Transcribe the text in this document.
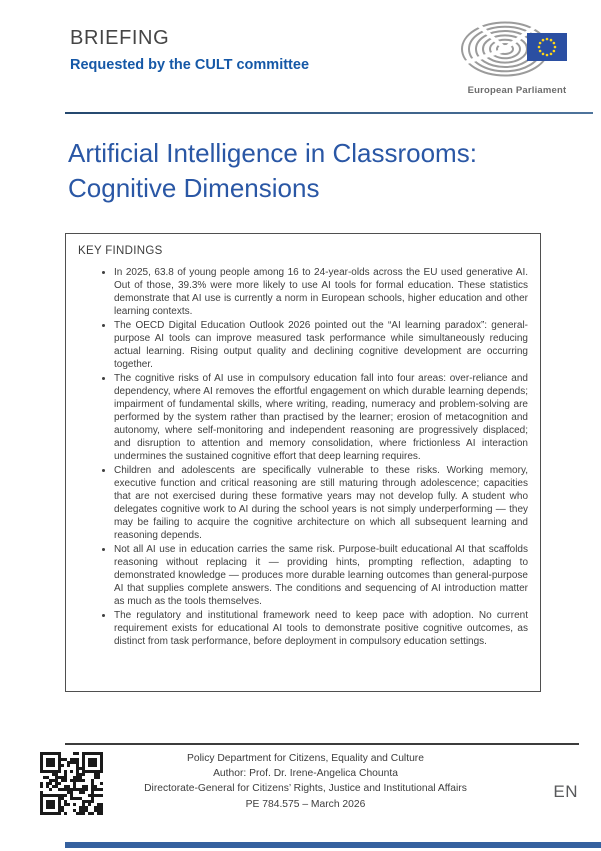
BRIEFING
Requested by the CULT committee
European Parliament
Artificial Intelligence in Classrooms:
Cognitive Dimensions
KEY FINDINGS
• In 2025, 63.8 of young people among 16 to 24-year-olds across the EU used generative AI. Out of those, 39.3% were more likely to use AI tools for formal education. These statistics demonstrate that AI use is currently a norm in European schools, higher education and other learning contexts.
• The OECD Digital Education Outlook 2026 pointed out the “AI learning paradox”: general-purpose AI tools can improve measured task performance while simultaneously reducing actual learning. Rising output quality and declining cognitive development are occurring together.
• The cognitive risks of AI use in compulsory education fall into four areas: over-reliance and dependency, where AI removes the effortful engagement on which durable learning depends; impairment of fundamental skills, where writing, reading, numeracy and problem-solving are performed by the system rather than practised by the learner; erosion of metacognition and autonomy, where self-monitoring and independent reasoning are progressively displaced; and disruption to attention and memory consolidation, where frictionless AI interaction undermines the sustained cognitive effort that deep learning requires.
• Children and adolescents are specifically vulnerable to these risks. Working memory, executive function and critical reasoning are still maturing through adolescence; capacities that are not exercised during these formative years may not develop fully. A student who delegates cognitive work to AI during the school years is not simply underperforming — they may be failing to acquire the cognitive architecture on which all subsequent learning and reasoning depends.
• Not all AI use in education carries the same risk. Purpose-built educational AI that scaffolds reasoning without replacing it — providing hints, prompting reflection, adapting to demonstrated knowledge — produces more durable learning outcomes than general-purpose AI that supplies complete answers. The conditions and sequencing of AI introduction matter as much as the tools themselves.
• The regulatory and institutional framework need to keep pace with adoption. No current requirement exists for educational AI tools to demonstrate positive cognitive outcomes, as distinct from task performance, before deployment in compulsory education settings.
Policy Department for Citizens, Equality and Culture
Author: Prof. Dr. Irene-Angelica Chounta
Directorate-General for Citizens’ Rights, Justice and Institutional Affairs
PE 784.575 – March 2026
EN
